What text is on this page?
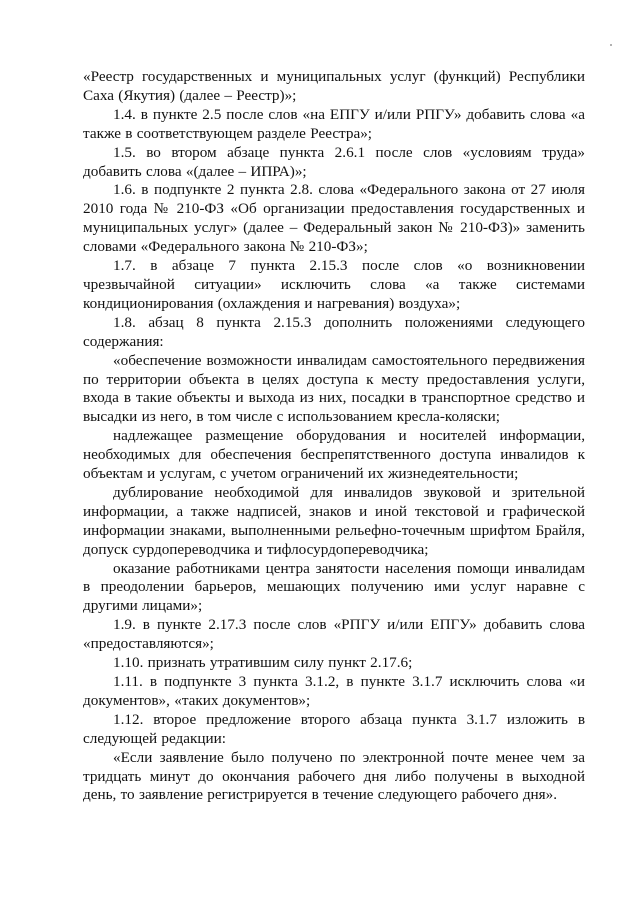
«Реестр государственных и муниципальных услуг (функций) Республики Саха (Якутия) (далее – Реестр)»;

1.4. в пункте 2.5 после слов «на ЕПГУ и/или РПГУ» добавить слова «а также в соответствующем разделе Реестра»;

1.5. во втором абзаце пункта 2.6.1 после слов «условиям труда» добавить слова «(далее – ИПРА)»;

1.6. в подпункте 2 пункта 2.8. слова «Федерального закона от 27 июля 2010 года № 210-ФЗ «Об организации предоставления государственных и муниципальных услуг» (далее – Федеральный закон № 210-ФЗ)» заменить словами «Федерального закона № 210-ФЗ»;

1.7. в абзаце 7 пункта 2.15.3 после слов «о возникновении чрезвычайной ситуации» исключить слова «а также системами кондиционирования (охлаждения и нагревания) воздуха»;

1.8. абзац 8 пункта 2.15.3 дополнить положениями следующего содержания:

«обеспечение возможности инвалидам самостоятельного передвижения по территории объекта в целях доступа к месту предоставления услуги, входа в такие объекты и выхода из них, посадки в транспортное средство и высадки из него, в том числе с использованием кресла-коляски;

надлежащее размещение оборудования и носителей информации, необходимых для обеспечения беспрепятственного доступа инвалидов к объектам и услугам, с учетом ограничений их жизнедеятельности;

дублирование необходимой для инвалидов звуковой и зрительной информации, а также надписей, знаков и иной текстовой и графической информации знаками, выполненными рельефно-точечным шрифтом Брайля, допуск сурдопереводчика и тифлосурдопереводчика;

оказание работниками центра занятости населения помощи инвалидам в преодолении барьеров, мешающих получению ими услуг наравне с другими лицами»;

1.9. в пункте 2.17.3 после слов «РПГУ и/или ЕПГУ» добавить слова «предоставляются»;

1.10. признать утратившим силу пункт 2.17.6;

1.11. в подпункте 3 пункта 3.1.2, в пункте 3.1.7 исключить слова «и документов», «таких документов»;

1.12. второе предложение второго абзаца пункта 3.1.7 изложить в следующей редакции:

«Если заявление было получено по электронной почте менее чем за тридцать минут до окончания рабочего дня либо получены в выходной день, то заявление регистрируется в течение следующего рабочего дня».
